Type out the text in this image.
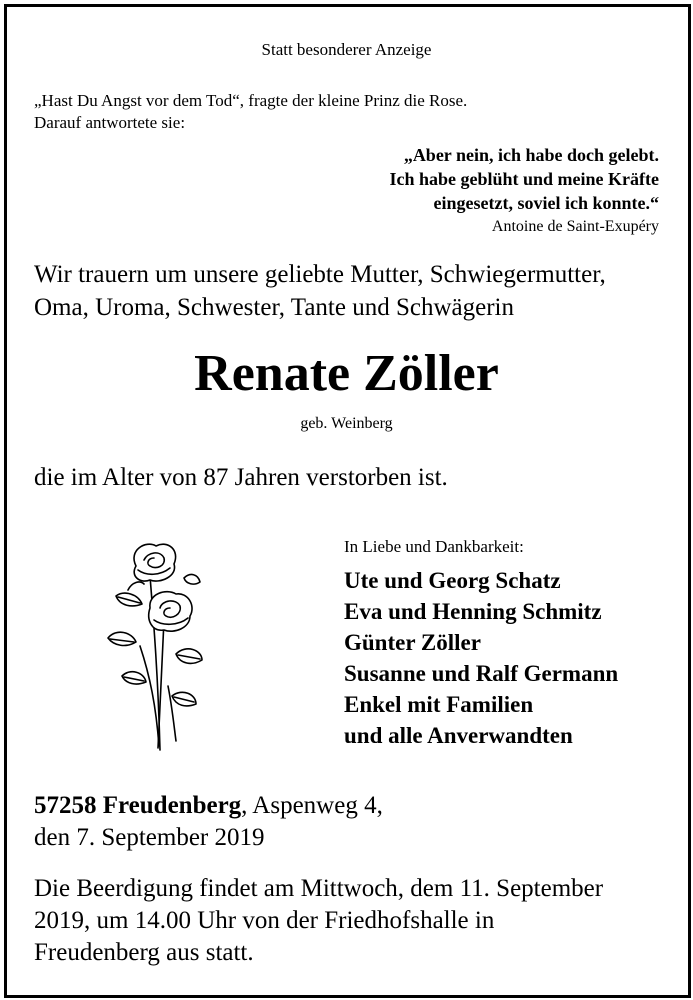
Statt besonderer Anzeige
„Hast Du Angst vor dem Tod“, fragte der kleine Prinz die Rose.
Darauf antwortete sie:
„Aber nein, ich habe doch gelebt.
Ich habe geblüht und meine Kräfte
eingesetzt, soviel ich konnte.“
Antoine de Saint-Exupéry
Wir trauern um unsere geliebte Mutter, Schwiegermutter,
Oma, Uroma, Schwester, Tante und Schwägerin
Renate Zöller
geb. Weinberg
die im Alter von 87 Jahren verstorben ist.
In Liebe und Dankbarkeit:
Ute und Georg Schatz
Eva und Henning Schmitz
Günter Zöller
Susanne und Ralf Germann
Enkel mit Familien
und alle Anverwandten
57258 Freudenberg, Aspenweg 4,
den 7. September 2019
Die Beerdigung findet am Mittwoch, dem 11. September
2019, um 14.00 Uhr von der Friedhofshalle in
Freudenberg aus statt.
